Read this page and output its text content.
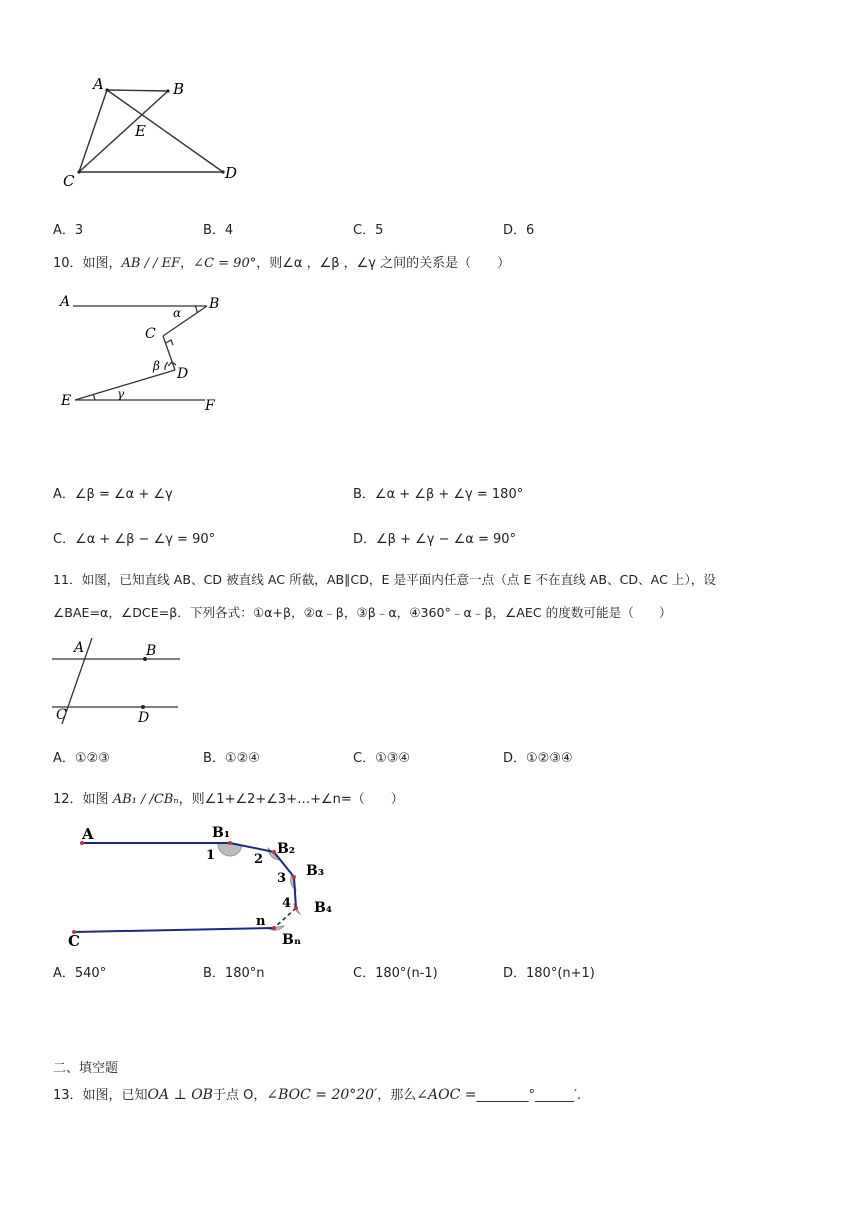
A	B
E
C	D
A．3	B．4	C．5	D．6
10．如图，AB / / EF，∠C = 90°，则∠α ，∠β ，∠γ 之间的关系是（　　）
A	B
α
C
β D
γ
E	F
A．∠β = ∠α + ∠γ	B．∠α + ∠β + ∠γ = 180°
C．∠α + ∠β − ∠γ = 90°	D．∠β + ∠γ − ∠α = 90°
11．如图，已知直线 AB、CD 被直线 AC 所截，AB∥CD，E 是平面内任意一点（点 E 不在直线 AB、CD、AC 上），设
∠BAE=α，∠DCE=β．下列各式：①α+β，②α﹣β，③β﹣α，④360°﹣α﹣β，∠AEC 的度数可能是（　　）
A	B
C	D
A．①②③	B．①②④	C．①③④	D．①②③④
12．如图 AB₁ / /CBₙ，则∠1+∠2+∠3+…+∠n=（　　）
A	B₁
B₂
B₃
B₄
Bₙ
C
1	2
3
4
n
A．540°	B．180°n	C．180°(n-1)	D．180°(n+1)
二、填空题
13．如图，已知OA ⊥ OB于点 O，∠BOC = 20°20′，那么∠AOC =________°______′.
